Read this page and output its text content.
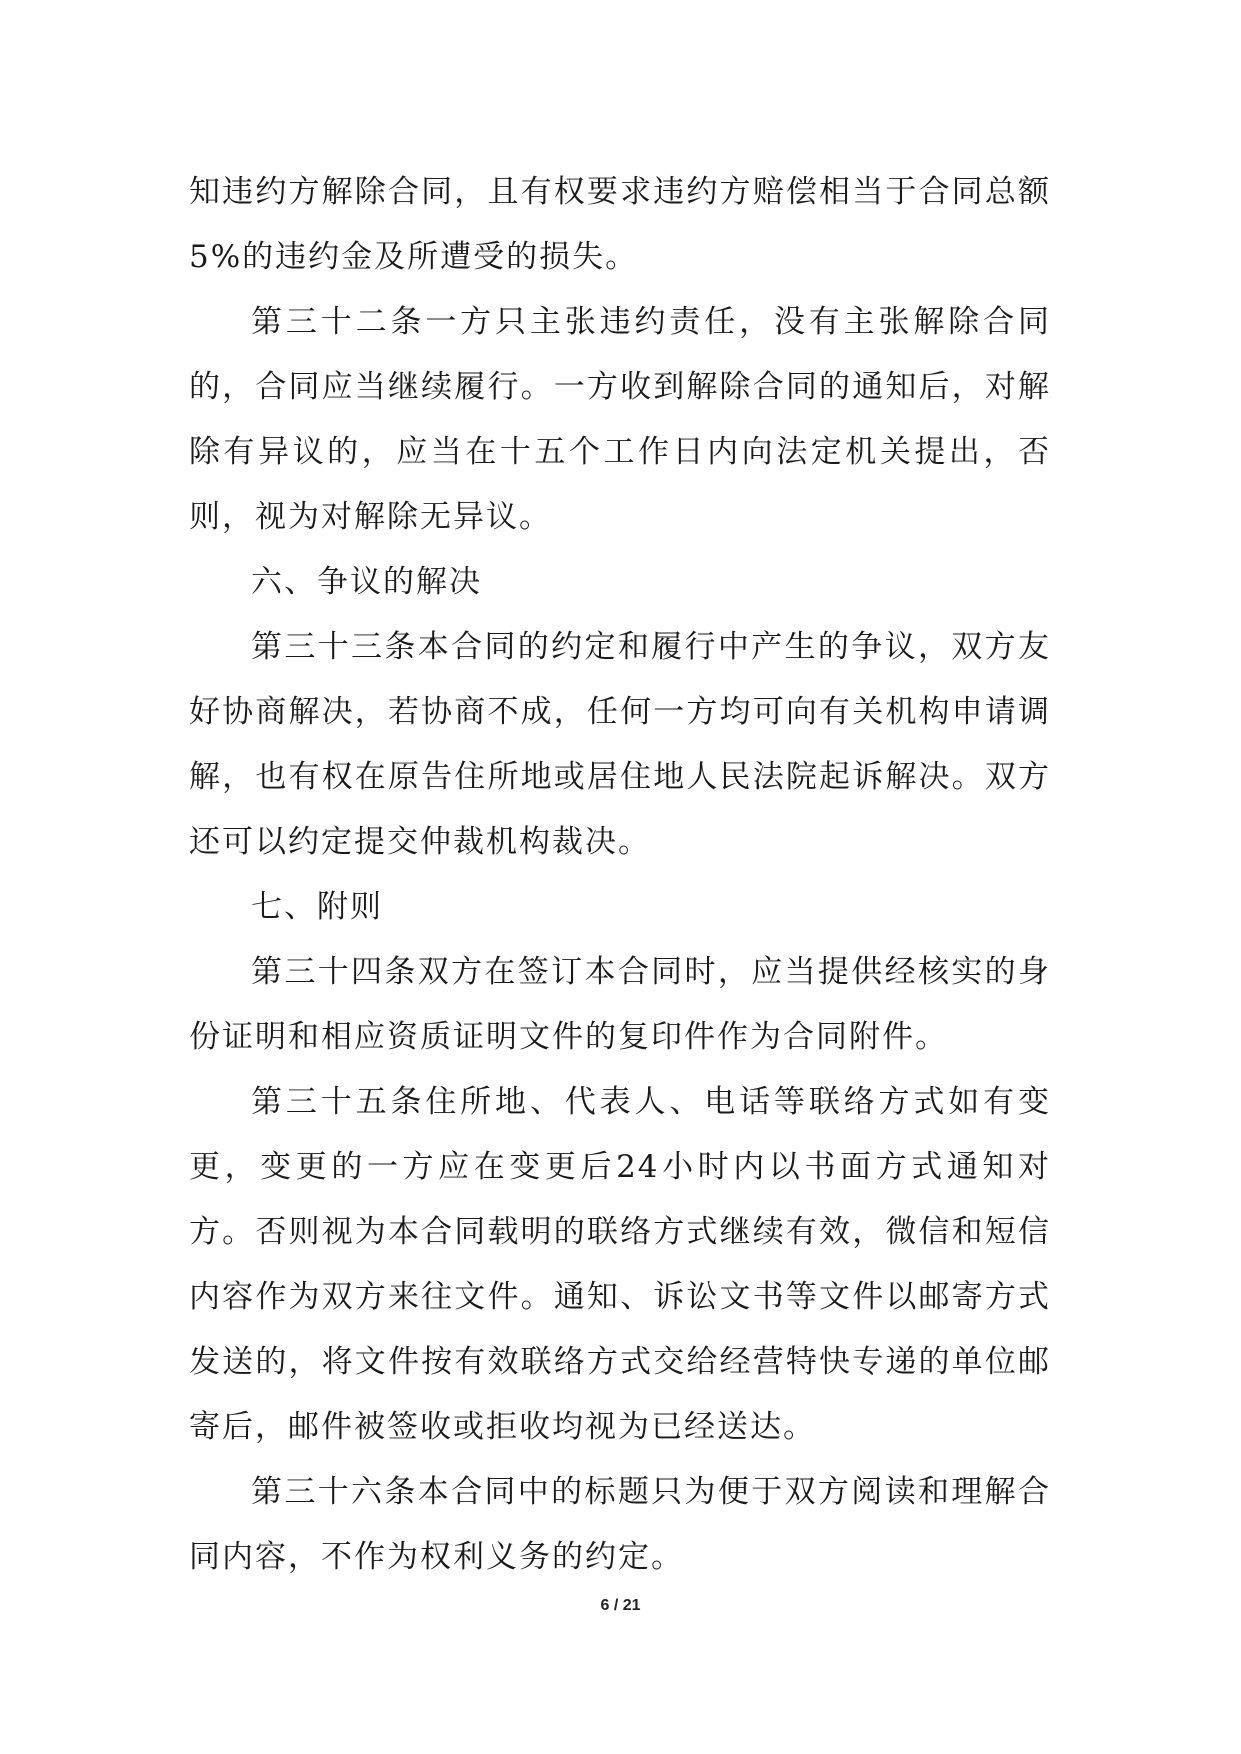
知违约方解除合同，且有权要求违约方赔偿相当于合同总额5%的违约金及所遭受的损失。

第三十二条一方只主张违约责任，没有主张解除合同的，合同应当继续履行。一方收到解除合同的通知后，对解除有异议的，应当在十五个工作日内向法定机关提出，否则，视为对解除无异议。

六、争议的解决

第三十三条本合同的约定和履行中产生的争议，双方友好协商解决，若协商不成，任何一方均可向有关机构申请调解，也有权在原告住所地或居住地人民法院起诉解决。双方还可以约定提交仲裁机构裁决。

七、附则

第三十四条双方在签订本合同时，应当提供经核实的身份证明和相应资质证明文件的复印件作为合同附件。

第三十五条住所地、代表人、电话等联络方式如有变更，变更的一方应在变更后24小时内以书面方式通知对方。否则视为本合同载明的联络方式继续有效，微信和短信内容作为双方来往文件。通知、诉讼文书等文件以邮寄方式发送的，将文件按有效联络方式交给经营特快专递的单位邮寄后，邮件被签收或拒收均视为已经送达。

第三十六条本合同中的标题只为便于双方阅读和理解合同内容，不作为权利义务的约定。

6 / 21
